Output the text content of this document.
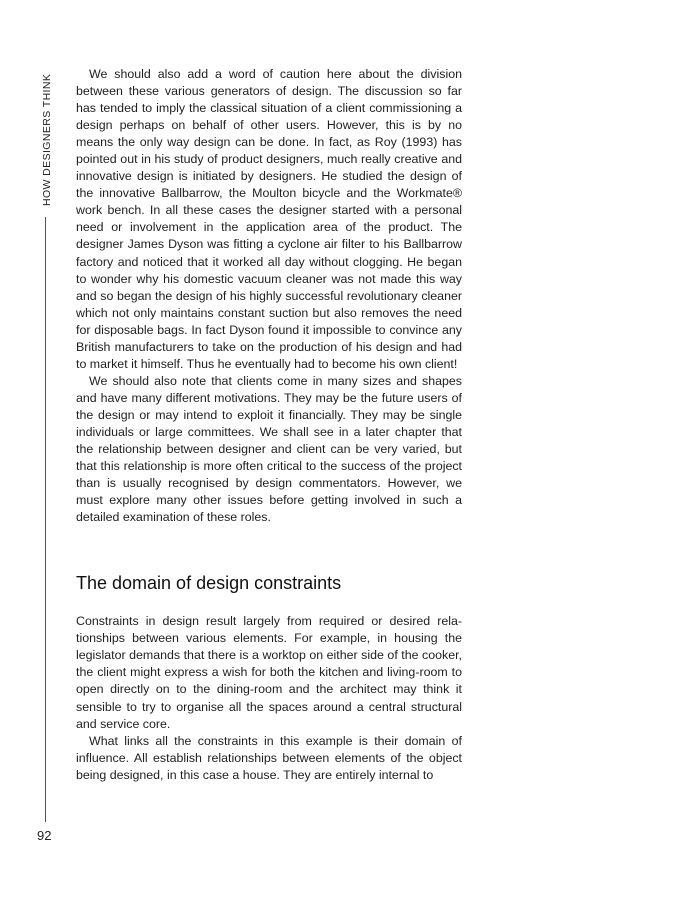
HOW DESIGNERS THINK
92

We should also add a word of caution here about the division between these various generators of design. The discussion so far has tended to imply the classical situation of a client commissioning a design perhaps on behalf of other users. However, this is by no means the only way design can be done. In fact, as Roy (1993) has pointed out in his study of product designers, much really creative and innovative design is initiated by designers. He studied the design of the innovative Ballbarrow, the Moulton bicycle and the Workmate® work bench. In all these cases the designer started with a personal need or involvement in the application area of the product. The designer James Dyson was fitting a cyclone air filter to his Ballbarrow factory and noticed that it worked all day without clogging. He began to wonder why his domestic vacuum cleaner was not made this way and so began the design of his highly successful revolutionary cleaner which not only maintains constant suction but also removes the need for disposable bags. In fact Dyson found it impossible to convince any British manufacturers to take on the production of his design and had to market it himself. Thus he eventually had to become his own client!

We should also note that clients come in many sizes and shapes and have many different motivations. They may be the future users of the design or may intend to exploit it financially. They may be single individuals or large committees. We shall see in a later chapter that the relationship between designer and client can be very varied, but that this relationship is more often critical to the success of the project than is usually recognised by design commentators. However, we must explore many other issues before getting involved in such a detailed examination of these roles.

The domain of design constraints

Constraints in design result largely from required or desired relationships between various elements. For example, in housing the legislator demands that there is a worktop on either side of the cooker, the client might express a wish for both the kitchen and living-room to open directly on to the dining-room and the architect may think it sensible to try to organise all the spaces around a central structural and service core.

What links all the constraints in this example is their domain of influence. All establish relationships between elements of the object being designed, in this case a house. They are entirely internal to
